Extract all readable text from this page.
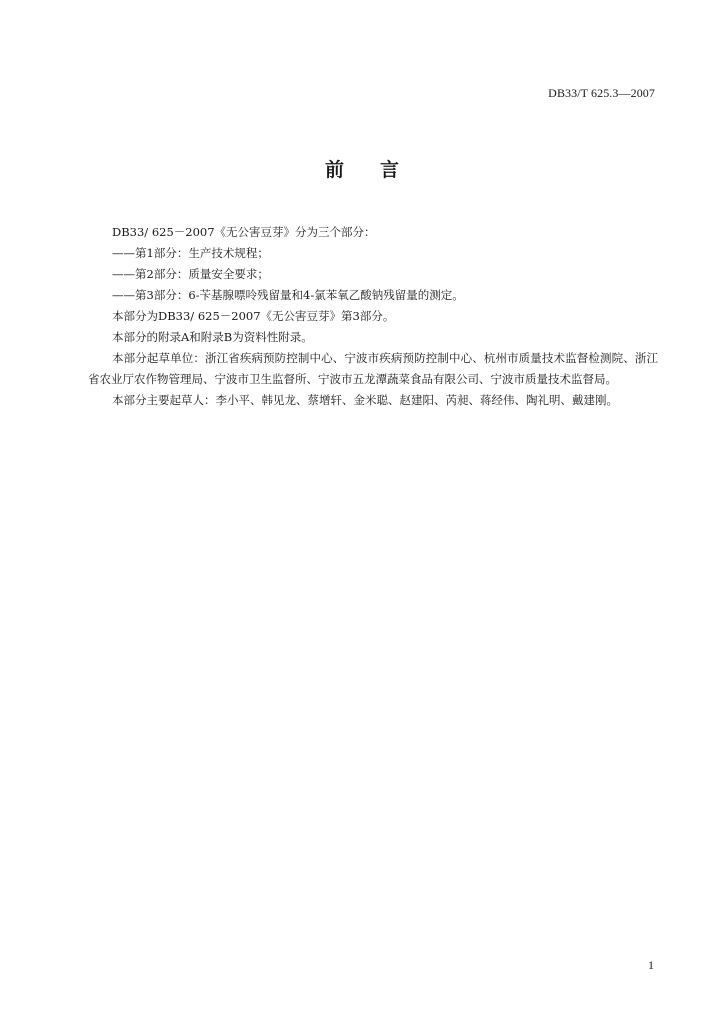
DB33/T 625.3—2007
前 言

DB33/ 625－2007《无公害豆芽》分为三个部分：

——第1部分：生产技术规程；

——第2部分：质量安全要求；

——第3部分：6-苄基腺嘌呤残留量和4-氯苯氧乙酸钠残留量的测定。

本部分为DB33/ 625－2007《无公害豆芽》第3部分。

本部分的附录A和附录B为资料性附录。

本部分起草单位：浙江省疾病预防控制中心、宁波市疾病预防控制中心、杭州市质量技术监督检测院、浙江省农业厅农作物管理局、宁波市卫生监督所、宁波市五龙潭蔬菜食品有限公司、宁波市质量技术监督局。

本部分主要起草人：李小平、韩见龙、蔡增轩、金米聪、赵建阳、芮昶、蒋经伟、陶礼明、戴建刚。

1
